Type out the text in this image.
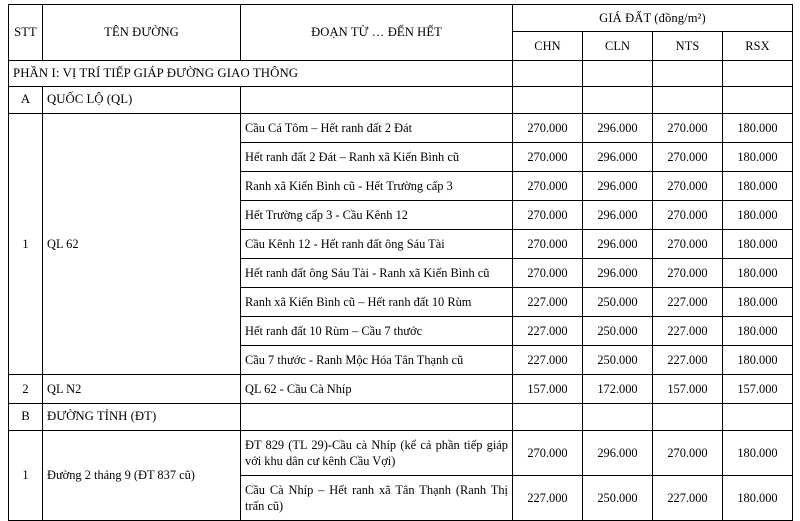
STT	TÊN ĐƯỜNG	ĐOẠN TỪ … ĐẾN HẾT	GIÁ ĐẤT (đồng/m²)			
			CHN	CLN	NTS	RSX
PHẦN I: VỊ TRÍ TIẾP GIÁP ĐƯỜNG GIAO THÔNG						
A	QUỐC LỘ (QL)					
1	QL 62	Cầu Cá Tôm – Hết ranh đất 2 Đát	270.000	296.000	270.000	180.000
		Hết ranh đất 2 Đát – Ranh xã Kiến Bình cũ	270.000	296.000	270.000	180.000
		Ranh xã Kiến Bình cũ - Hết Trường cấp 3	270.000	296.000	270.000	180.000
		Hết Trường cấp 3 - Cầu Kênh 12	270.000	296.000	270.000	180.000
		Cầu Kênh 12 - Hết ranh đất ông Sáu Tài	270.000	296.000	270.000	180.000
		Hết ranh đất ông Sáu Tài - Ranh xã Kiến Bình cũ	270.000	296.000	270.000	180.000
		Ranh xã Kiến Bình cũ – Hết ranh đất 10 Rùm	227.000	250.000	227.000	180.000
		Hết ranh đất 10 Rùm – Cầu 7 thước	227.000	250.000	227.000	180.000
		Cầu 7 thước - Ranh Mộc Hóa Tân Thạnh cũ	227.000	250.000	227.000	180.000
2	QL N2	QL 62 - Cầu Cà Nhíp	157.000	172.000	157.000	157.000
B	ĐƯỜNG TỈNH (ĐT)					
1	Đường 2 tháng 9 (ĐT 837 cũ)	ĐT 829 (TL 29)-Cầu cà Nhíp (kể cả phần tiếp giáp với khu dân cư kênh Cầu Vợi)	270.000	296.000	270.000	180.000
		Cầu Cà Nhíp – Hết ranh xã Tân Thạnh (Ranh Thị trấn cũ)	227.000	250.000	227.000	180.000
